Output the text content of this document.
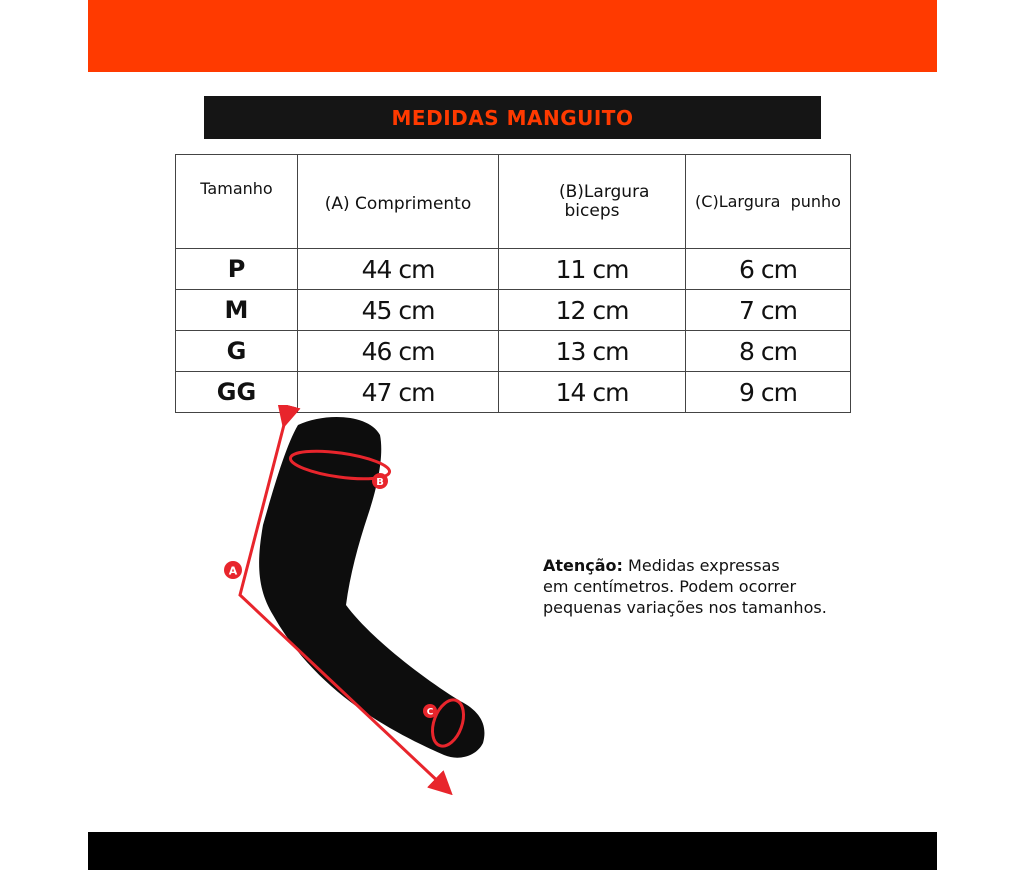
MEDIDAS MANGUITO
Tamanho	(A) Comprimento	(B)Largura biceps	(C)Largura  punho
P	44 cm	11 cm	6 cm
M	45 cm	12 cm	7 cm
G	46 cm	13 cm	8 cm
GG	47 cm	14 cm	9 cm
A
B
C
Atenção: Medidas expressas
em centímetros. Podem ocorrer
pequenas variações nos tamanhos.
